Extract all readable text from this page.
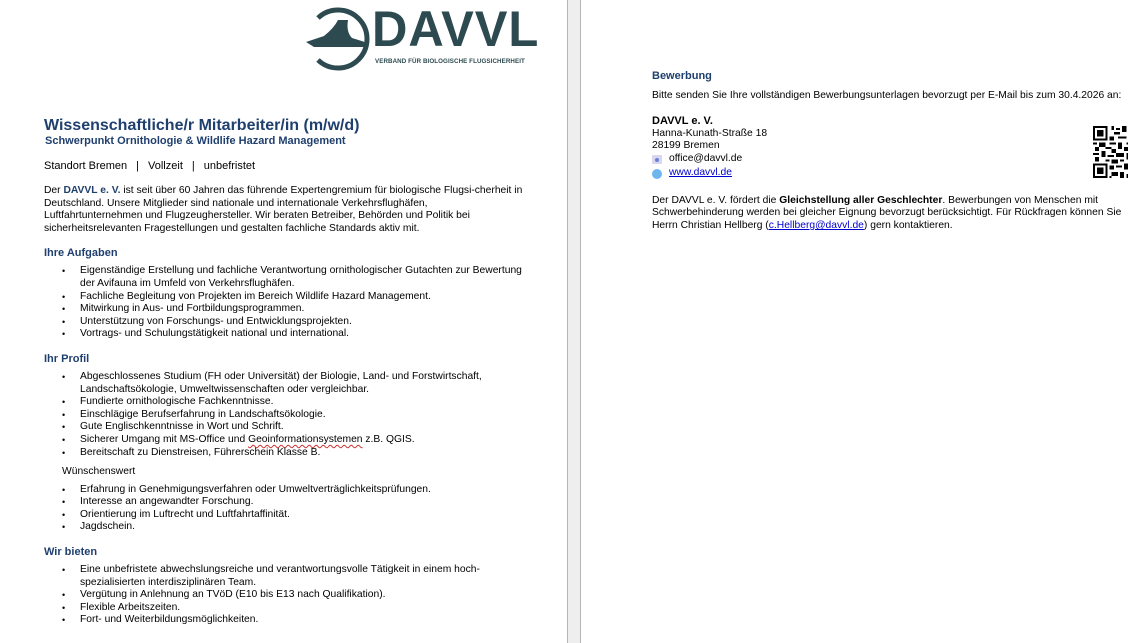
DAVVL
VERBAND FÜR BIOLOGISCHE FLUGSICHERHEIT
Wissenschaftliche/r Mitarbeiter/in (m/w/d)
Schwerpunkt Ornithologie & Wildlife Hazard Management
Standort Bremen | Vollzeit | unbefristet
Der DAVVL e. V. ist seit über 60 Jahren das führende Expertengremium für biologische Flugsi-cherheit in Deutschland. Unsere Mitglieder sind nationale und internationale Verkehrsflughäfen, Luftfahrtunternehmen und Flugzeughersteller. Wir beraten Betreiber, Behörden und Politik bei sicherheitsrelevanten Fragestellungen und gestalten fachliche Standards aktiv mit.
Ihre Aufgaben
• Eigenständige Erstellung und fachliche Verantwortung ornithologischer Gutachten zur Bewertung der Avifauna im Umfeld von Verkehrsflughäfen.
• Fachliche Begleitung von Projekten im Bereich Wildlife Hazard Management.
• Mitwirkung in Aus- und Fortbildungsprogrammen.
• Unterstützung von Forschungs- und Entwicklungsprojekten.
• Vortrags- und Schulungstätigkeit national und international.
Ihr Profil
• Abgeschlossenes Studium (FH oder Universität) der Biologie, Land- und Forstwirtschaft, Landschaftsökologie, Umweltwissenschaften oder vergleichbar.
• Fundierte ornithologische Fachkenntnisse.
• Einschlägige Berufserfahrung in Landschaftsökologie.
• Gute Englischkenntnisse in Wort und Schrift.
• Sicherer Umgang mit MS-Office und Geoinformationsystemen z.B. QGIS.
• Bereitschaft zu Dienstreisen, Führerschein Klasse B.
Wünschenswert
• Erfahrung in Genehmigungsverfahren oder Umweltverträglichkeitsprüfungen.
• Interesse an angewandter Forschung.
• Orientierung im Luftrecht und Luftfahrtaffinität.
• Jagdschein.
Wir bieten
• Eine unbefristete abwechslungsreiche und verantwortungsvolle Tätigkeit in einem hoch-spezialisierten interdisziplinären Team.
• Vergütung in Anlehnung an TVöD (E10 bis E13 nach Qualifikation).
• Flexible Arbeitszeiten.
• Fort- und Weiterbildungsmöglichkeiten.
Bewerbung
Bitte senden Sie Ihre vollständigen Bewerbungsunterlagen bevorzugt per E-Mail bis zum 30.4.2026 an:
DAVVL e. V.
Hanna-Kunath-Straße 18
28199 Bremen
office@davvl.de
www.davvl.de
Der DAVVL e. V. fördert die Gleichstellung aller Geschlechter. Bewerbungen von Menschen mit Schwerbehinderung werden bei gleicher Eignung bevorzugt berücksichtigt. Für Rückfragen können Sie Herrn Christian Hellberg (c.Hellberg@davvl.de) gern kontaktieren.
